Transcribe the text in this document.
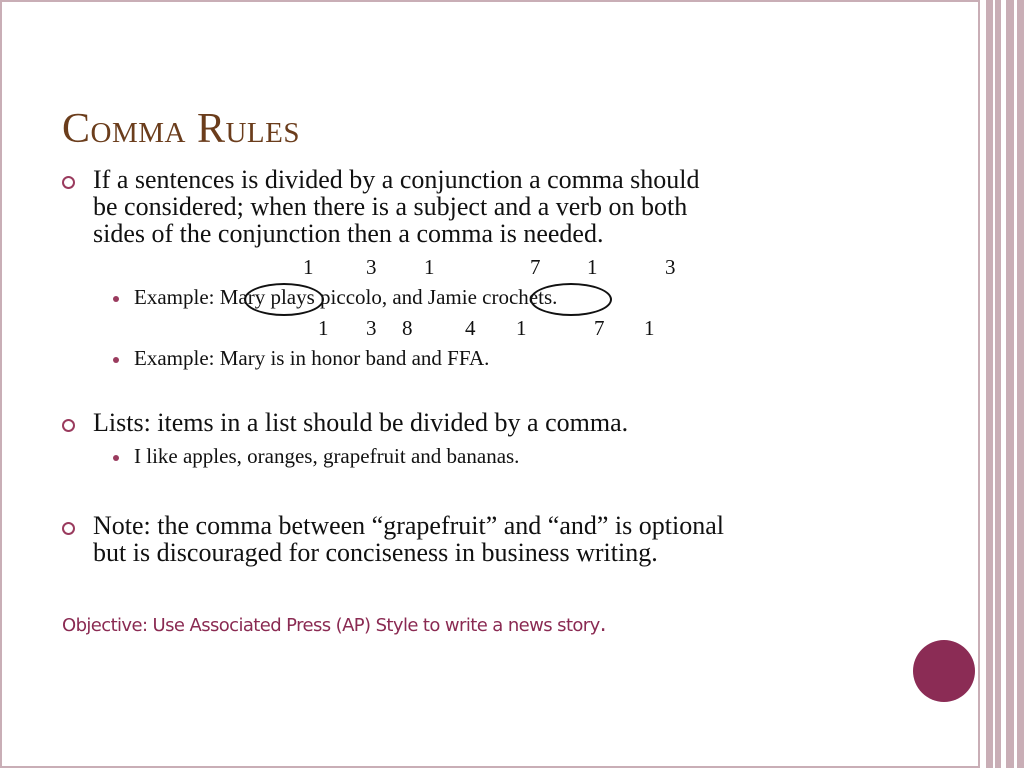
Comma Rules
If a sentences is divided by a conjunction a comma should
be considered; when there is a subject and a verb on both
sides of the conjunction then a comma is needed.
1	3 1	7 1	3
Example: Mary plays piccolo, and Jamie crochets.
1 3 8	4 1	7 1
Example: Mary is in honor band and FFA.
Lists: items in a list should be divided by a comma.
I like apples, oranges, grapefruit and bananas.
Note: the comma between “grapefruit” and “and” is optional
but is discouraged for conciseness in business writing.
Objective: Use Associated Press (AP) Style to write a news story.
